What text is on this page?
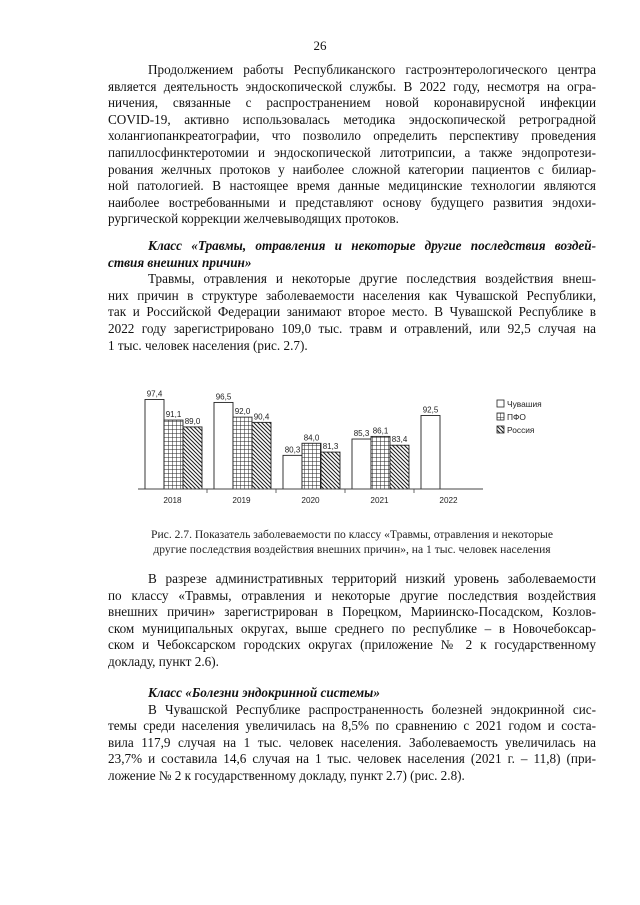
26

Продолжением работы Республиканского гастроэнтерологического центра

является деятельность эндоскопической службы. В 2022 году, несмотря на огра-

ничения, связанные с распространением новой коронавирусной инфекции

COVID-19, активно использовалась методика эндоскопической ретроградной

холангиопанкреатографии, что позволило определить перспективу проведения

папиллосфинктеротомии и эндоскопической литотрипсии, а также эндопротези-

рования желчных протоков у наиболее сложной категории пациентов с билиар-

ной патологией. В настоящее время данные медицинские технологии являются

наиболее востребованными и представляют основу будущего развития эндохи-

рургической коррекции желчевыводящих протоков.

Класс «Травмы, отравления и некоторые другие последствия воздей-

ствия внешних причин»

Травмы, отравления и некоторые другие последствия воздействия внеш-

них причин в структуре заболеваемости населения как Чувашской Республики,

так и Российской Федерации занимают второе место. В Чувашской Республике в

2022 году зарегистрировано 109,0 тыс. травм и отравлений, или 92,5 случая на

1 тыс. человек населения (рис. 2.7).

97,4
91,1
89,0
96,5
92,0
90,4
80,3
84,0
81,3
85,3 86,1
83,4
92,5
2018	2019	2020	2021	2022
Чувашия
ПФО
Россия
Рис. 2.7. Показатель заболеваемости по классу «Травмы, отравления и некоторые
другие последствия воздействия внешних причин», на 1 тыс. человек населения

В разрезе административных территорий низкий уровень заболеваемости

по классу «Травмы, отравления и некоторые другие последствия воздействия

внешних причин» зарегистрирован в Порецком, Мариинско-Посадском, Козлов-

ском муниципальных округах, выше среднего по республике – в Новочебоксар-

ском и Чебоксарском городских округах (приложение № 2 к государственному

докладу, пункт 2.6).

Класс «Болезни эндокринной системы»

В Чувашской Республике распространенность болезней эндокринной сис-

темы среди населения увеличилась на 8,5% по сравнению с 2021 годом и соста-

вила 117,9 случая на 1 тыс. человек населения. Заболеваемость увеличилась на

23,7% и составила 14,6 случая на 1 тыс. человек населения (2021 г. – 11,8) (при-

ложение № 2 к государственному докладу, пункт 2.7) (рис. 2.8).
